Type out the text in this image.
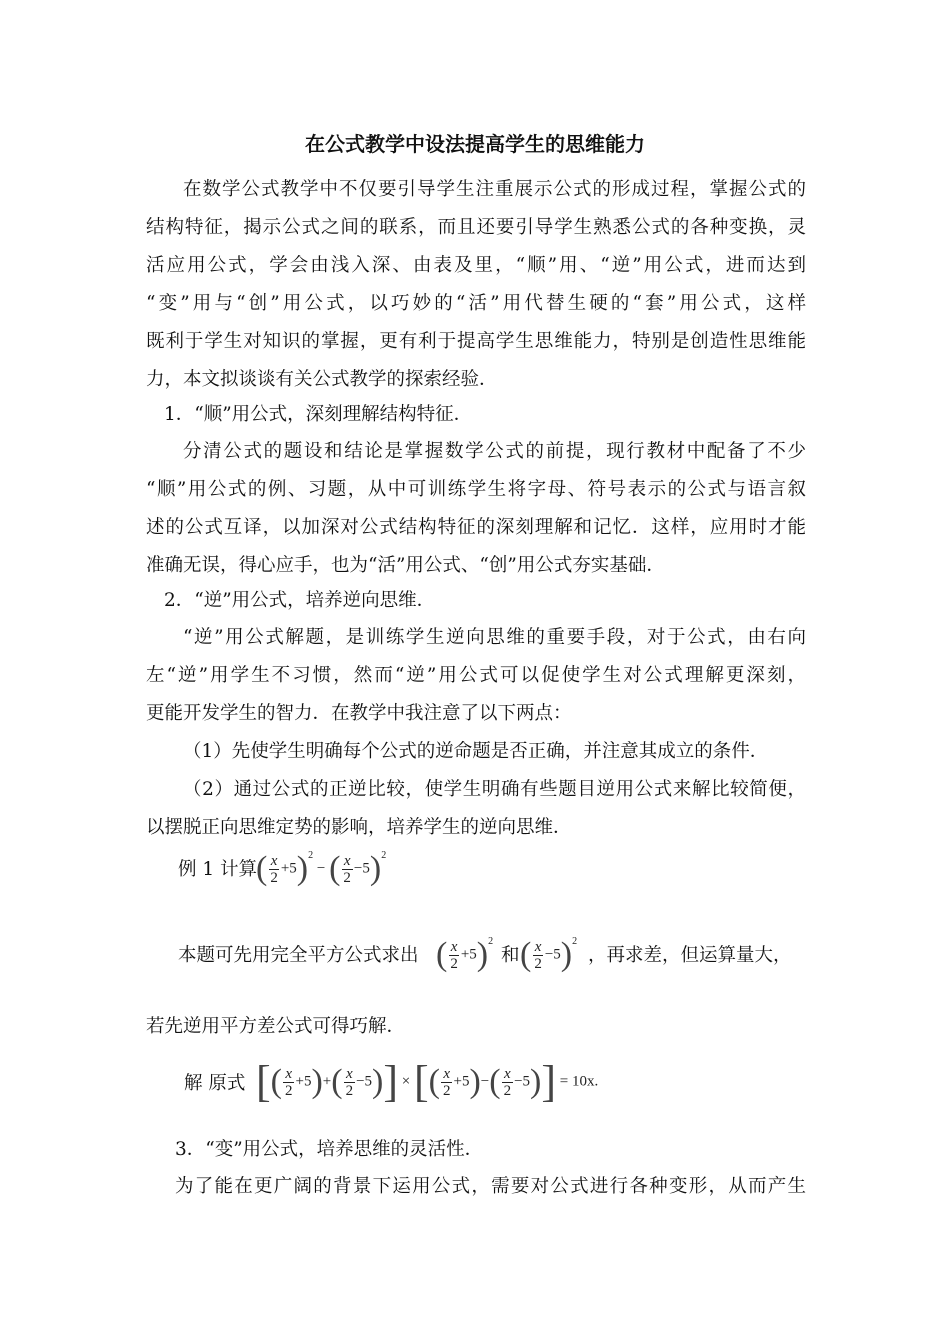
在公式教学中设法提高学生的思维能力
在数学公式教学中不仅要引导学生注重展示公式的形成过程，掌握公式的
结构特征，揭示公式之间的联系，而且还要引导学生熟悉公式的各种变换，灵
活应用公式，学会由浅入深、由表及里，“顺”用、“逆”用公式，进而达到
“变”用与“创”用公式，以巧妙的“活”用代替生硬的“套”用公式，这样
既利于学生对知识的掌握，更有利于提高学生思维能力，特别是创造性思维能
力，本文拟谈谈有关公式教学的探索经验．
1．“顺”用公式，深刻理解结构特征．
分清公式的题设和结论是掌握数学公式的前提，现行教材中配备了不少
“顺”用公式的例、习题，从中可训练学生将字母、符号表示的公式与语言叙
述的公式互译，以加深对公式结构特征的深刻理解和记忆．这样，应用时才能
准确无误，得心应手，也为“活”用公式、“创”用公式夯实基础．
2．“逆”用公式，培养逆向思维．
“逆”用公式解题，是训练学生逆向思维的重要手段，对于公式，由右向
左“逆”用学生不习惯，然而“逆”用公式可以促使学生对公式理解更深刻，
更能开发学生的智力．在教学中我注意了以下两点：
（1）先使学生明确每个公式的逆命题是否正确，并注意其成立的条件．
（2）通过公式的正逆比较，使学生明确有些题目逆用公式来解比较简便，
以摆脱正向思维定势的影响，培养学生的逆向思维．
例 1 计算
( $\frac{x}{2} +5)^2$ − ( $\frac{x}{2} -5)^2$
本题可先用完全平方公式求出 ( $\frac{x}{2} +5)^2$
和 ( $\frac{x}{2} -5)^2$
，再求差，但运算量大，
若先逆用平方差公式可得巧解．
解 原式 [( $\frac{x}{2} +5)+( \frac{x}{2} -5)$] × [( $\frac{x}{2} +5)-( \frac{x}{2} -5)] = 10x$.
3．“变”用公式，培养思维的灵活性．
为了能在更广阔的背景下运用公式，需要对公式进行各种变形，从而产生
